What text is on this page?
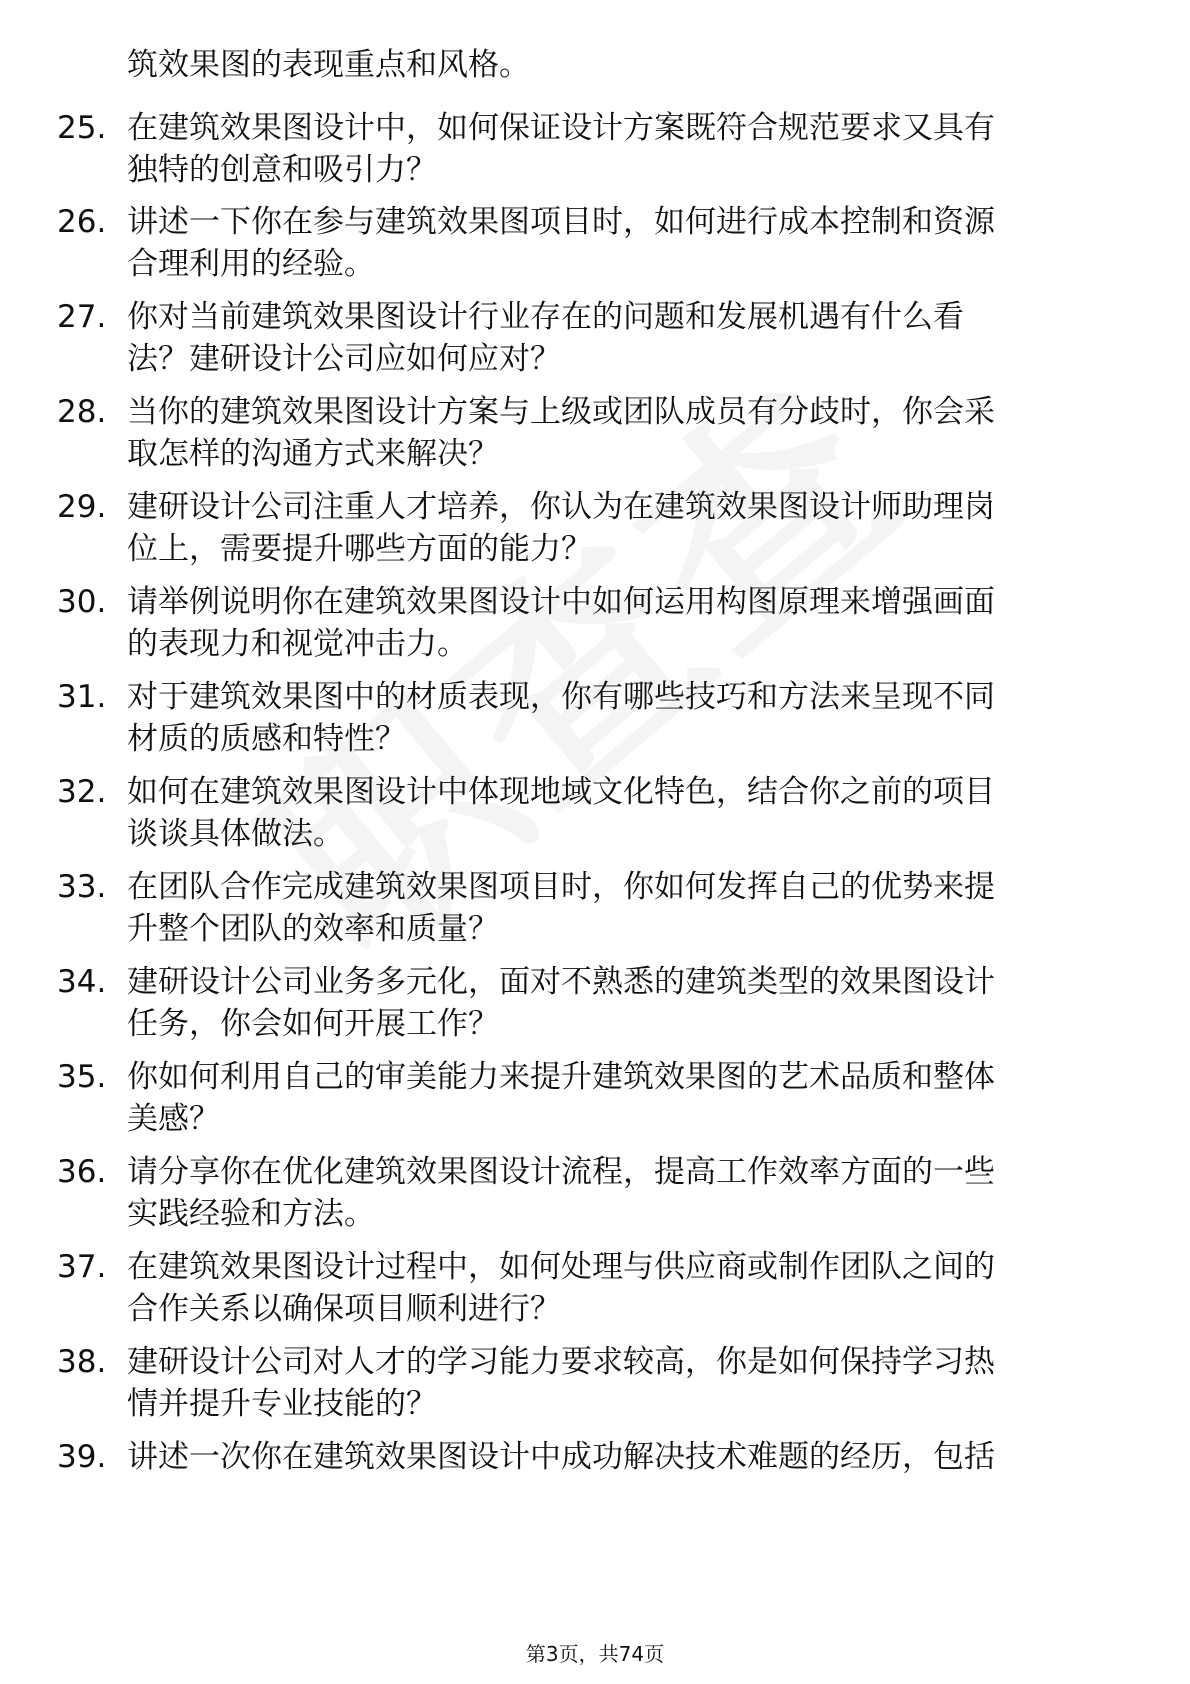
筑效果图的表现重点和风格。
25. 在建筑效果图设计中，如何保证设计方案既符合规范要求又具有
独特的创意和吸引力？
26. 讲述一下你在参与建筑效果图项目时，如何进行成本控制和资源
合理利用的经验。
27. 你对当前建筑效果图设计行业存在的问题和发展机遇有什么看
法？建研设计公司应如何应对？
28. 当你的建筑效果图设计方案与上级或团队成员有分歧时，你会采
取怎样的沟通方式来解决？
29. 建研设计公司注重人才培养，你认为在建筑效果图设计师助理岗
位上，需要提升哪些方面的能力？
30. 请举例说明你在建筑效果图设计中如何运用构图原理来增强画面
的表现力和视觉冲击力。
31. 对于建筑效果图中的材质表现，你有哪些技巧和方法来呈现不同
材质的质感和特性？
32. 如何在建筑效果图设计中体现地域文化特色，结合你之前的项目
谈谈具体做法。
33. 在团队合作完成建筑效果图项目时，你如何发挥自己的优势来提
升整个团队的效率和质量？
34. 建研设计公司业务多元化，面对不熟悉的建筑类型的效果图设计
任务，你会如何开展工作？
35. 你如何利用自己的审美能力来提升建筑效果图的艺术品质和整体
美感？
36. 请分享你在优化建筑效果图设计流程，提高工作效率方面的一些
实践经验和方法。
37. 在建筑效果图设计过程中，如何处理与供应商或制作团队之间的
合作关系以确保项目顺利进行？
38. 建研设计公司对人才的学习能力要求较高，你是如何保持学习热
情并提升专业技能的？
39. 讲述一次你在建筑效果图设计中成功解决技术难题的经历，包括
第3页，共74页
